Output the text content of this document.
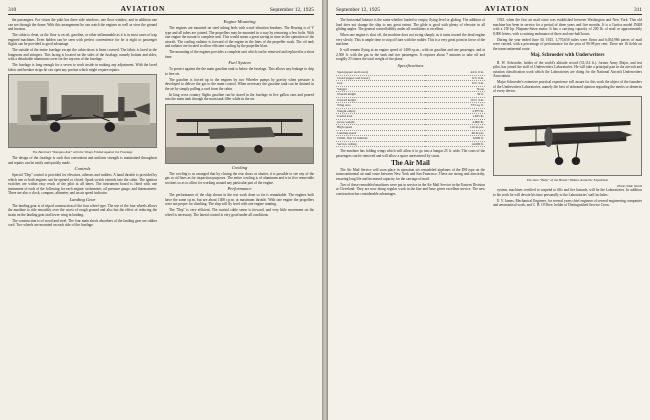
310	AVIATION	September 12, 1925

the passengers. For vision the pilot has three side windows, one floor window, and in addition one can see through the dome. With this arrangement he can watch the engines as well as view the ground and horizon.

The cabin is clean, as the floor is on oil, gasoline, or other inflammable as it is in most cases of trap engined machines. Even hidden can be seen with perfect convenience for he is eight or passenger flights can be provided to good advantage.

The outside of the entire fuselage except the cabin doors is linen covered. The fabric is laced to the longerons and stringers. This lacing is located on the sides of the fuselage, namely bottom and sides, with a detachable aluminum cover for the top rear of the fuselage.

The fuselage is long enough for a seven to work inside in making any adjustment. With the laced fabric and breaker strips he can open any portion which might require repairs.

The Barnhart "Wampus-Kat" with the Wings Folded Against the Fuselage

The design of the fuselage is such that convenient and uniform strength is maintained throughout and repairs can be easily and quickly made.

Controls

Special "Dep" control is provided for elevators, ailerons and rudders. A hand throttle is provided by which one or both engines can be opened or closed. Spark switch extends into the cabin. The ignition switches are within easy reach of the pilot at all times. The instrument board is fitted with one instrument of each of the following for each engine: tachometer, oil pressure gauge, and thermometer. There are also a clock, compass, altimeter, and an air speed indicator.

Landing Gear

The landing gear is of tripod construction of the four wheel type. The use of the four wheels allows the machine to ride smoothly over the worst of rough ground and also has the effect of reducing the strain on the landing gear and lower wing in landing.

The construction is of wood and steel. The four main shock absorbers of the landing gear are rubber cord. Two wheels are mounted on each side of the fuselage.

Engine Mounting

The engines are mounted on steel tubing beds with wood vibration breakers. The Bearing is of V type and all tubes are jointed. The propellers may be mounted in a way by removing a few bolts. With one engine the mount is complete unit. This would mean a great saving in time in the operation of the aircraft. The cooling radiator is forward of the engine in the lines of the propeller wash. The oil tank and radiator are located to allow efficient cooling by the propeller blast.

The mounting of the engines provides a complete unit which can be removed and replaced in a short time.

Fuel System

To protect against the the main gasoline tank is below the fuselage. This allows any leakage to drip to free air.

The gasoline is forced up to the engines by two Wheeler pumps by gravity when pressure is developed to deliver the gas to the main control. When necessary the gasoline tank can be drained in the air by simply pulling a cord from the cabin.

In long cross country flights gasoline can be stored in the fuselage in five gallon cans and poured into the main tank through the main tank filler while in the air.

Cowling

The cowling is so arranged that by closing the rear doors or shutter, it is possible to see any of the gas or oil lines as for inspection purposes. The entire cowling is of aluminum and is in five removable sections so as to allow for working around any particular part of the engine.

Performance

The performance of the ship shown in the test work done so far is remarkable. The engines both have the same r.p.m. but are about 1400 r.p.m. at maximum throttle. With one engine the propellers were not proper for climbing. The ship will fly level with one engine running.

The "Dep" is very efficient. The control cable sense is forward, and very little movement on the wheel is necessary. The lateral control is very good under all conditions.

September 12, 1925	AVIATION	311

The horizontal balance is the same whether loaded or empty, flying level or gliding. The addition of load does not change the ship to any great extent. The glide is good with plenty of elevator in all gliding angles. The general controllability under all conditions is excellent.

When one engine is shut off, the machine does not swing sharply as it turns toward the dead engine very slowly. This is ample time to stop off turn with the rudder. This is a very great point in favor of the machine.

It will remain flying at an engine speed of 1400 r.p.m., with on gasoline and one passenger, and at 2,500 ft. with the gas in the tank and two passengers. It requires about 7 minutes to take off and roughly 2½ times the total weight of the plane.

Specifications
Span (upper and lower)	44 ft. 0 in.
Chord (upper and lower)	6 ft. 6 in.
Gap	6 ft. 3 in.
Stagger	None
Overall length	30 ft.
Overall height	10 ft. 3 in.
Wing area	575 sq. ft.
Weight empty	2,875 lb.
Useful load	1,925 lb.
Gross weight	4,800 lb.
High speed	110 m.p.h.
Landing speed	46 m.p.h.
Climb, first 10 minutes	6,000 ft.
Service ceiling	14,000 ft.

The machine has folding wings which will allow it to go into a hangar 25 ft. wide. The costs of the passengers can be removed and will allow a space unrestricted by struts.

The Air Mail

The Air Mail Service will soon place in operation six remodeled airplanes of the DH type on the transcontinental air mail route between New York and San Francisco. These are strong and airworthy, ensuring long life and increased capacity for the carriage of mail.

Two of these remodeled machines were put in service in the Air Mail Service in the Eastern Division at Cleveland. They are now doing regular work in the line and have given excellent service. The new construction has considerable advantages.

1925, when the first air mail route was established between Washington and New York. This old machine has been in service for a period of three years and five months. It is a Curtiss model JN4H with a 150 hp. Hispano-Suiza motor. It has a carrying capacity of 200 lb. of mail or approximately 8,000 letters, with a cruising endurance of three and one-half hours.

During the year ended June 30, 1925, 1,770,650 miles were flown and 6,034,986 pieces of mail were carried, with a percentage of performance for the year of 96.98 per cent. There are 16 fields on the transcontinental route.

Maj. Schroeder with Underwriters

R. W. Schroeder, holder of the world's altitude record (33,114 ft.), former Army Major, and test pilot, has joined the staff of Underwriters Laboratories. He will take a principal part in the aircraft and aviation classification work which the Laboratories are doing for the National Aircraft Underwriters Association.

Major Schroeder's extensive practical experience will assure for this work the object of the founders of the Underwriters Laboratories, namely the best of informed opinion regarding the merits or demerits of every device.

The Avro "Baby" of the Hubert Wilkins Antarctic Expedition
Photo Wide World

system, machines certified to suspend to fills and fire hazards, will be the Laboratories. In addition to his work he will devote his time personally to the Laboratories' staff includes:

E. V. James, Mechanical Engineer, for several years chief engineer of several engineering companies and aeronautical work, and C. B. O'Olive, holder of Distinguished Service Cross.
